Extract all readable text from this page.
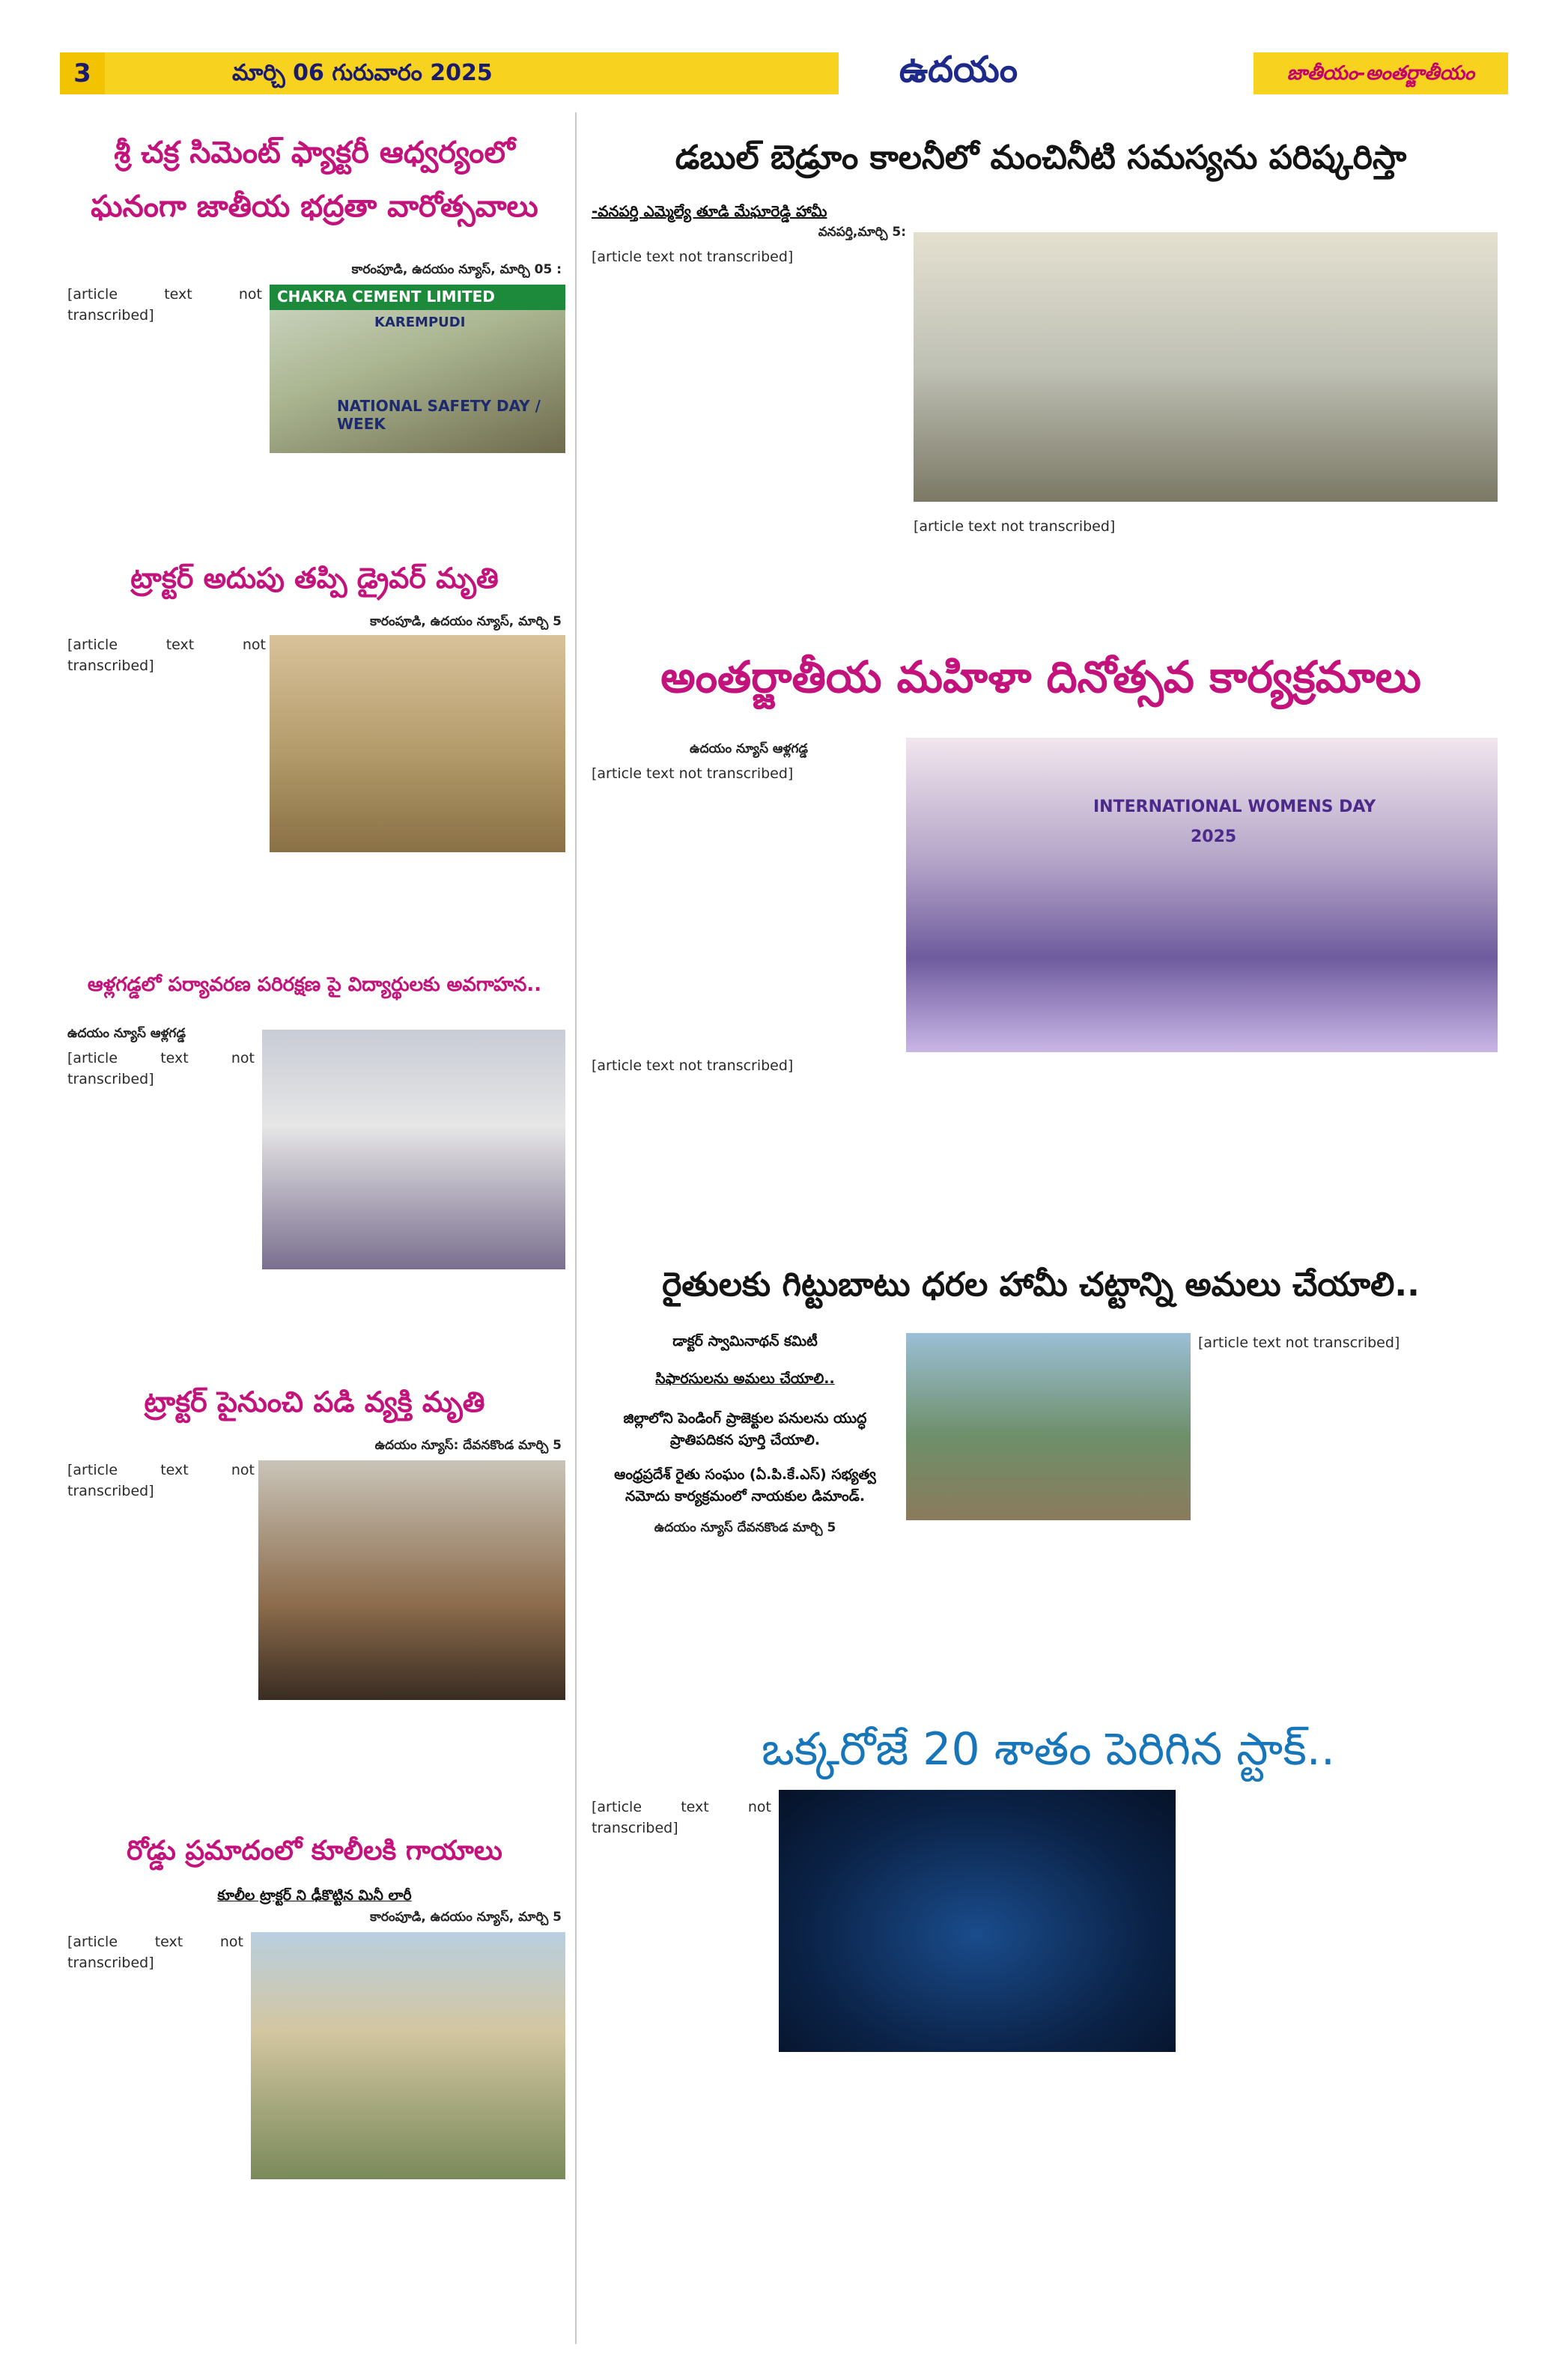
3	మార్చి 06 గురువారం 2025	ఉదయం	జాతీయం-అంతర్జాతీయం
శ్రీ చక్ర సిమెంట్ ఫ్యాక్టరీ ఆధ్వర్యంలో
ఘనంగా జాతీయ భద్రతా వారోత్సవాలు
కారంపూడి, ఉదయం న్యూస్, మార్చి 05 :
[article text not transcribed]
CHAKRA CEMENT LIMITED
KAREMPUDI
NATIONAL SAFETY DAY / WEEK
ట్రాక్టర్ అదుపు తప్పి డ్రైవర్ మృతి
కారంపూడి, ఉదయం న్యూస్, మార్చి 5
[article text not transcribed]
ఆళ్లగడ్డలో పర్యావరణ పరిరక్షణ పై విద్యార్థులకు అవగాహన..
ఉదయం న్యూస్ ఆళ్లగడ్డ
[article text not transcribed]
ట్రాక్టర్ పైనుంచి పడి వ్యక్తి మృతి
ఉదయం న్యూస్: దేవనకొండ మార్చి 5
[article text not transcribed]
రోడ్డు ప్రమాదంలో కూలీలకి గాయాలు
కూలీల ట్రాక్టర్ ని ఢీకొట్టిన మినీ లారీ
కారంపూడి, ఉదయం న్యూస్, మార్చి 5
[article text not transcribed]
డబుల్ బెడ్రూం కాలనీలో మంచినీటి సమస్యను పరిష్కరిస్తా
-వనపర్తి ఎమ్మెల్యే తూడి మేఘారెడ్డి హామీ
వనపర్తి,మార్చి 5:
[article text not transcribed]
[article text not transcribed]
అంతర్జాతీయ మహిళా దినోత్సవ కార్యక్రమాలు
ఉదయం న్యూస్ ఆళ్లగడ్డ
[article text not transcribed]
INTERNATIONAL WOMENS DAY
2025
[article text not transcribed]
రైతులకు గిట్టుబాటు ధరల హామీ చట్టాన్ని అమలు చేయాలి..
డాక్టర్ స్వామినాథన్ కమిటీ
సిఫారసులను అమలు చేయాలి..
జిల్లాలోని పెండింగ్ ప్రాజెక్టుల పనులను యుద్ధ ప్రాతిపదికన పూర్తి చేయాలి.
ఆంధ్రప్రదేశ్ రైతు సంఘం (ఏ.పి.కే.ఎస్) సభ్యత్వ నమోదు కార్యక్రమంలో నాయకుల డిమాండ్.
ఉదయం న్యూస్ దేవనకొండ మార్చి 5
[article text not transcribed]
ఒక్కరోజే 20 శాతం పెరిగిన స్టాక్..
[article text not transcribed]
